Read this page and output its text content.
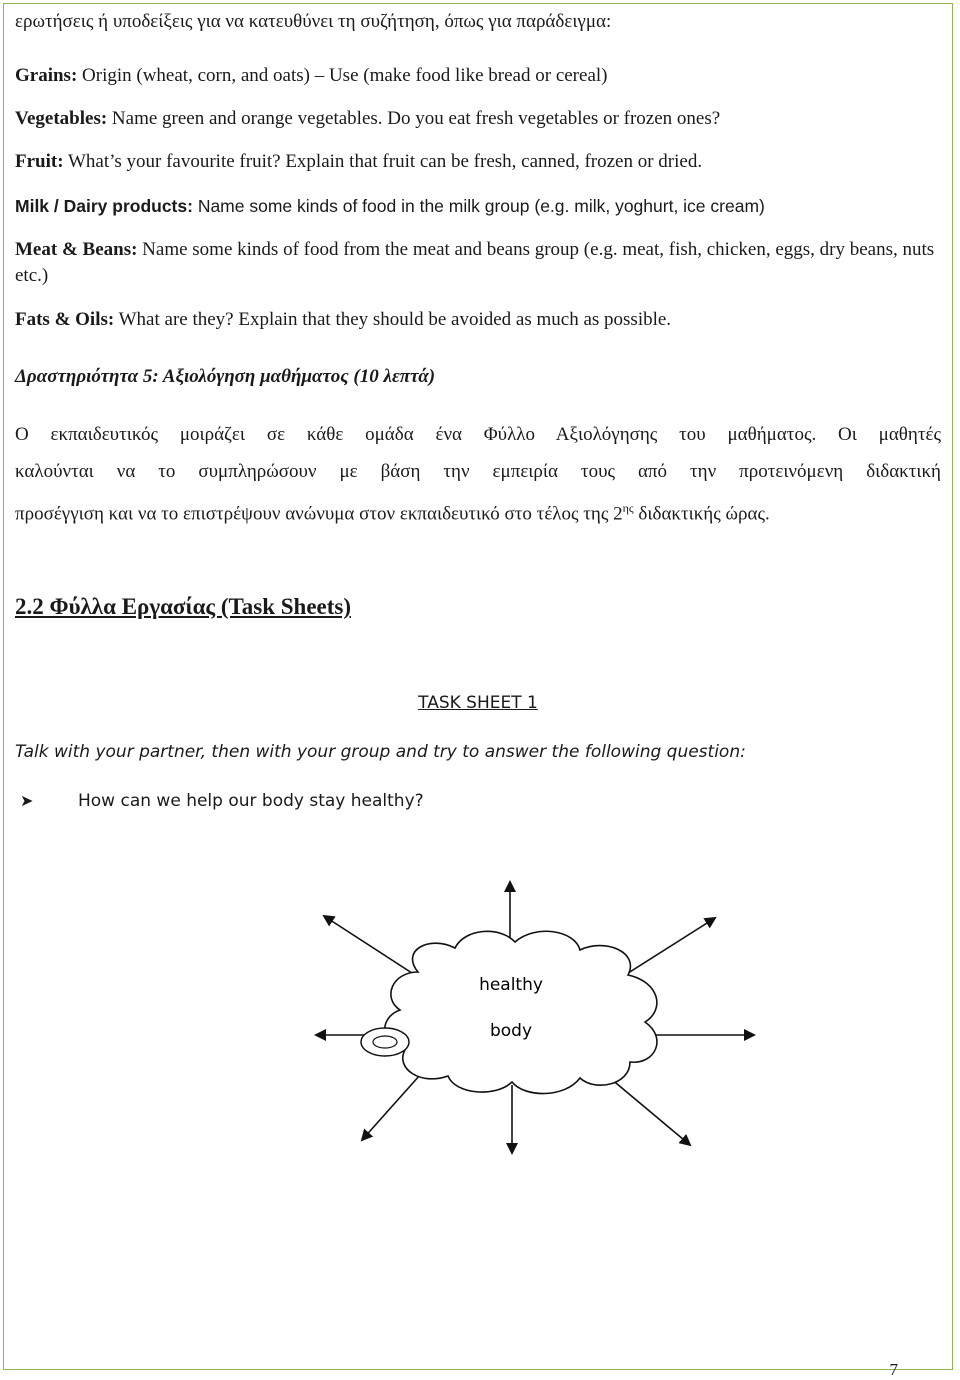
ερωτήσεις ή υποδείξεις για να κατευθύνει τη συζήτηση, όπως για παράδειγμα:
Grains: Origin (wheat, corn, and oats) – Use (make food like bread or cereal)
Vegetables: Name green and orange vegetables. Do you eat fresh vegetables or frozen ones?
Fruit: What’s your favourite fruit? Explain that fruit can be fresh, canned, frozen or dried.
Milk / Dairy products: Name some kinds of food in the milk group (e.g. milk, yoghurt, ice cream)
Meat & Beans: Name some kinds of food from the meat and beans group (e.g. meat, fish, chicken, eggs, dry beans, nuts etc.)
Fats & Oils: What are they? Explain that they should be avoided as much as possible.
Δραστηριότητα 5: Αξιολόγηση μαθήματος (10 λεπτά)
Ο εκπαιδευτικός μοιράζει σε κάθε ομάδα ένα Φύλλο Αξιολόγησης του μαθήματος. Οι μαθητές
καλούνται να το συμπληρώσουν με βάση την εμπειρία τους από την προτεινόμενη διδακτική
προσέγγιση και να το επιστρέψουν ανώνυμα στον εκπαιδευτικό στο τέλος της $2^{\eta\varsigma}$ διδακτικής ώρας.
2.2 Φύλλα Εργασίας (Task Sheets)
TASK SHEET 1
Talk with your partner, then with your group and try to answer the following question:
➤	How can we help our body stay healthy?
healthy
body
7
